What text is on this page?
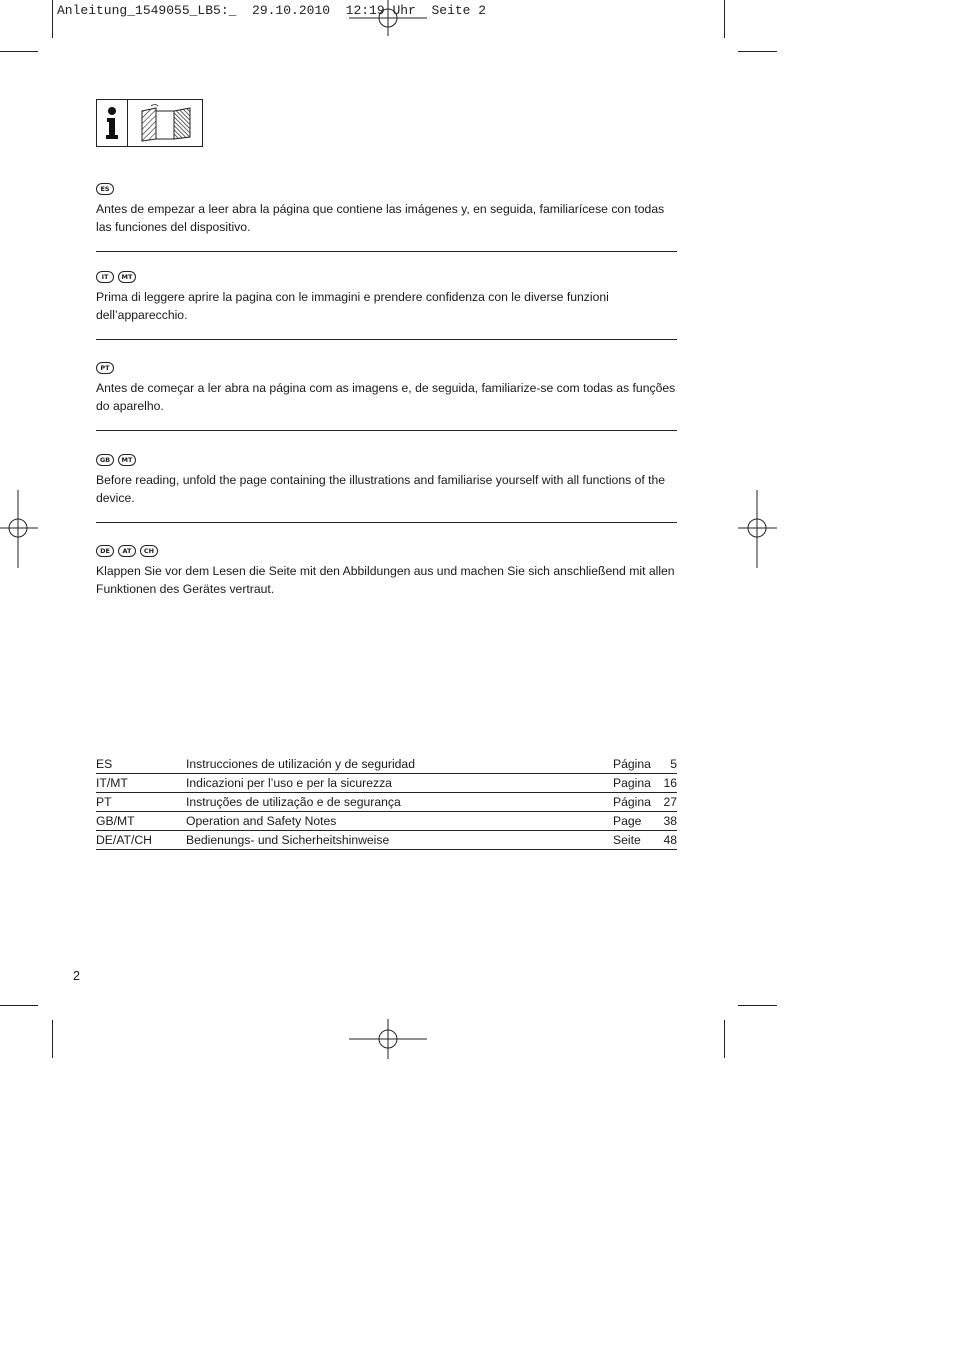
Anleitung_1549055_LB5:_  29.10.2010  12:19 Uhr  Seite 2
ES
Antes de empezar a leer abra la página que contiene las imágenes y, en seguida, familiarícese con todas las funciones del dispositivo.
IT	MT
Prima di leggere aprire la pagina con le immagini e prendere confidenza con le diverse funzioni dell’apparecchio.
PT
Antes de começar a ler abra na página com as imagens e, de seguida, familiarize-se com todas as funções do aparelho.
GB	MT
Before reading, unfold the page containing the illustrations and familiarise yourself with all functions of the device.
DE	AT	CH
Klappen Sie vor dem Lesen die Seite mit den Abbildungen aus und machen Sie sich anschließend mit allen Funktionen des Gerätes vertraut.
ES	Instrucciones de utilización y de seguridad	Página	5
IT/MT	Indicazioni per l’uso e per la sicurezza	Pagina	16
PT	Instruções de utilização e de segurança	Página	27
GB/MT	Operation and Safety Notes	Page	38
DE/AT/CH	Bedienungs- und Sicherheitshinweise	Seite	48
2
